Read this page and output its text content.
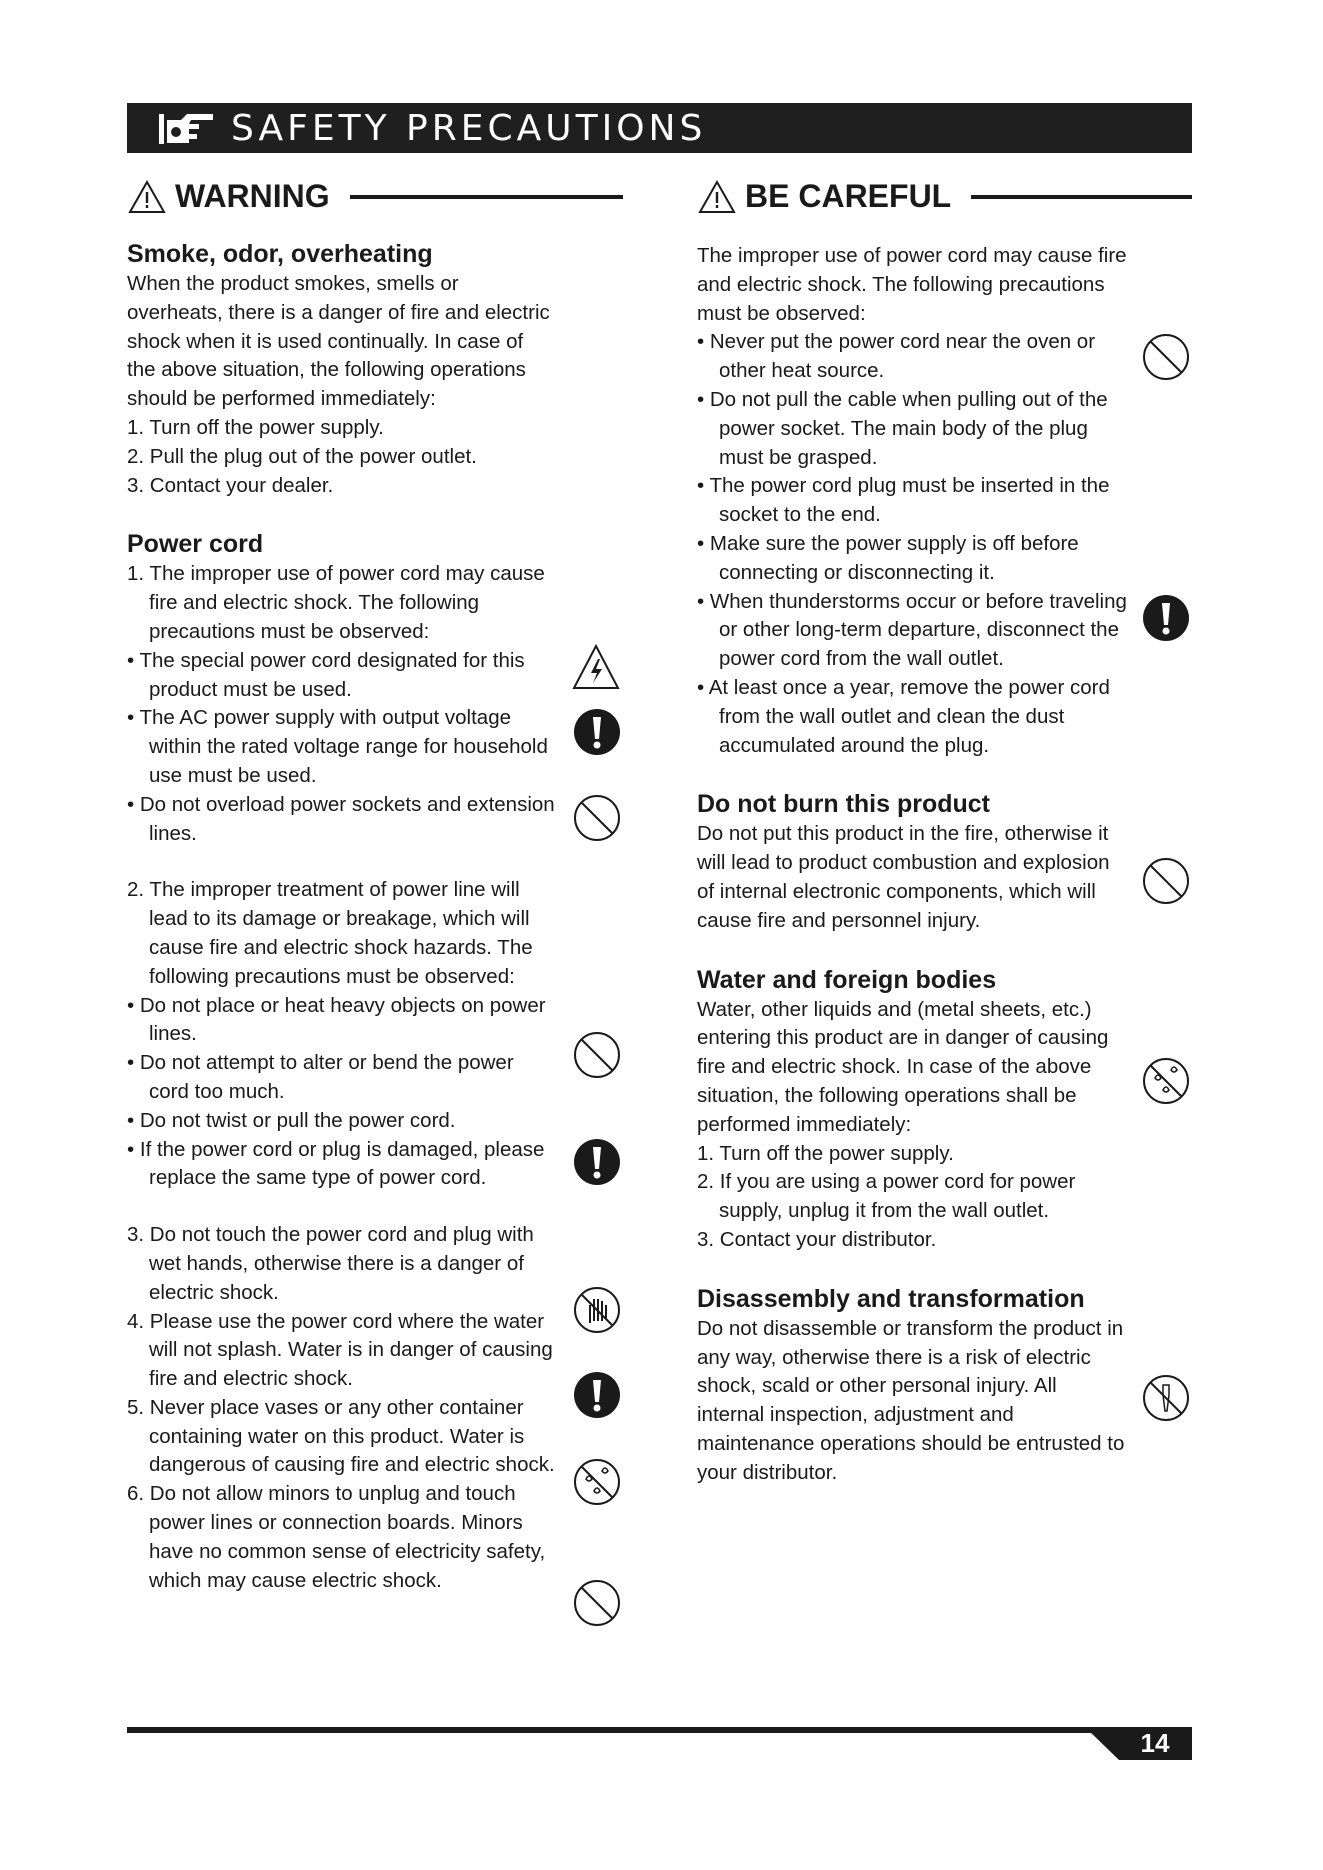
SAFETY PRECAUTIONS
WARNING
Smoke, odor, overheating

When the product smokes, smells or overheats, there is a danger of fire and electric shock when it is used continually. In case of the above situation, the following operations should be performed immediately:

1. Turn off the power supply.

2. Pull the plug out of the power outlet.

3. Contact your dealer.

Power cord

1. The improper use of power cord may cause fire and electric shock. The following precautions must be observed:

• The special power cord designated for this product must be used.

• The AC power supply with output voltage within the rated voltage range for household use must be used.

• Do not overload power sockets and extension lines.

2. The improper treatment of power line will lead to its damage or breakage, which will cause fire and electric shock hazards. The following precautions must be observed:

• Do not place or heat heavy objects on power lines.

• Do not attempt to alter or bend the power cord too much.

• Do not twist or pull the power cord.

• If the power cord or plug is damaged, please replace the same type of power cord.

3. Do not touch the power cord and plug with wet hands, otherwise there is a danger of electric shock.

4. Please use the power cord where the water will not splash. Water is in danger of causing fire and electric shock.

5. Never place vases or any other container containing water on this product. Water is dangerous of causing fire and electric shock.

6. Do not allow minors to unplug and touch power lines or connection boards. Minors have no common sense of electricity safety, which may cause electric shock.

BE CAREFUL

The improper use of power cord may cause fire and electric shock. The following precautions must be observed:

• Never put the power cord near the oven or other heat source.

• Do not pull the cable when pulling out of the power socket. The main body of the plug must be grasped.

• The power cord plug must be inserted in the socket to the end.

• Make sure the power supply is off before connecting or disconnecting it.

• When thunderstorms occur or before traveling or other long-term departure, disconnect the power cord from the wall outlet.

• At least once a year, remove the power cord from the wall outlet and clean the dust accumulated around the plug.

Do not burn this product

Do not put this product in the fire, otherwise it will lead to product combustion and explosion of internal electronic components, which will cause fire and personnel injury.

Water and foreign bodies

Water, other liquids and (metal sheets, etc.) entering this product are in danger of causing fire and electric shock. In case of the above situation, the following operations shall be performed immediately:

1. Turn off the power supply.

2. If you are using a power cord for power supply, unplug it from the wall outlet.

3. Contact your distributor.

Disassembly and transformation

Do not disassemble or transform the product in any way, otherwise there is a risk of electric shock, scald or other personal injury. All internal inspection, adjustment and maintenance operations should be entrusted to your distributor.

14
